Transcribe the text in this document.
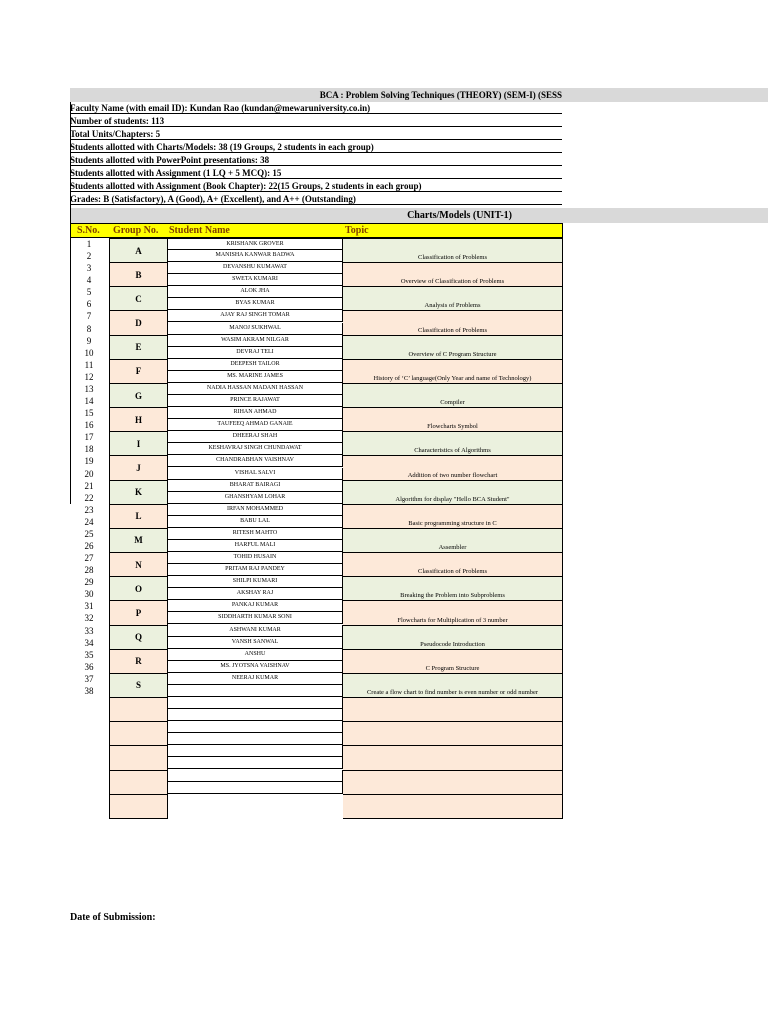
BCA : Problem Solving Techniques (THEORY) (SEM-I) (SESS
Faculty Name (with email ID): Kundan Rao (kundan@mewaruniversity.co.in)
Number of students: 113
Total Units/Chapters: 5
Students allotted with Charts/Models: 38 (19 Groups, 2 students in each group)
Students allotted with PowerPoint presentations: 38
Students allotted with Assignment (1 LQ + 5 MCQ): 15
Students allotted with Assignment (Book Chapter): 22(15 Groups, 2 students in each group)
Grades: B (Satisfactory), A (Good), A+ (Excellent), and A++ (Outstanding)
Charts/Models (UNIT-1)
S.No. Group No. Student Name	Topic
1
2
3
4
5
6
7
8
9
10
11
12
13
14
15
16
17
18
19
20
21
22
23
24
25
26
27
28
29
30
31
32
33
34
35
36
37
38
A
Classification of Problems
B
Overview of Classification of Problems
C
Analysis of Problems
D
Classification of Problems
E
Overview of C Program Structure
F
History of ‘C’ language(Only Year and name of Technology)
G
Compiler
H
Flowcharts Symbol
I
Characteristics of Algorithms
J
Addition of two number flowchart
K
Algorithm for display "Hello BCA Student"
L
Basic programming structure in C
M
Assembler
N
Classification of Problems
O
Breaking the Problem into Subproblems
P
Flowcharts for Multiplication of 3 number
Q
Pseudocode Introduction
R
C Program Structure
S
Create a flow chart to find number is even number or odd number
KRISHANK GROVER
MANISHA KANWAR BADWA
DEVANSHU KUMAWAT
SWETA KUMARI
ALOK JHA
BYAS KUMAR
AJAY RAJ SINGH TOMAR
MANOJ SUKHWAL
WASIM AKRAM NILGAR
DEVRAJ TELI
DEEPESH TAILOR
MS. MARINE JAMES
NADIA HASSAN MADANI HASSAN
PRINCE RAJAWAT
RIHAN AHMAD
TAUFEEQ AHMAD GANAIE
DHEERAJ SHAH
KESHAVRAJ SINGH CHUNDAWAT
CHANDRABHAN VAISHNAV
VISHAL SALVI
BHARAT BAIRAGI
GHANSHYAM LOHAR
IRFAN MOHAMMED
BABU LAL
RITESH MAHTO
HARFUL MALI
TOHID HUSAIN
PRITAM RAJ PANDEY
SHILPI KUMARI
AKSHAY RAJ
PANKAJ KUMAR
SIDDHARTH KUMAR SONI
ASHWANI KUMAR
VANSH SANWAL
ANSHU
MS. JYOTSNA VAISHNAV
NEERAJ KUMAR
Date of Submission:
